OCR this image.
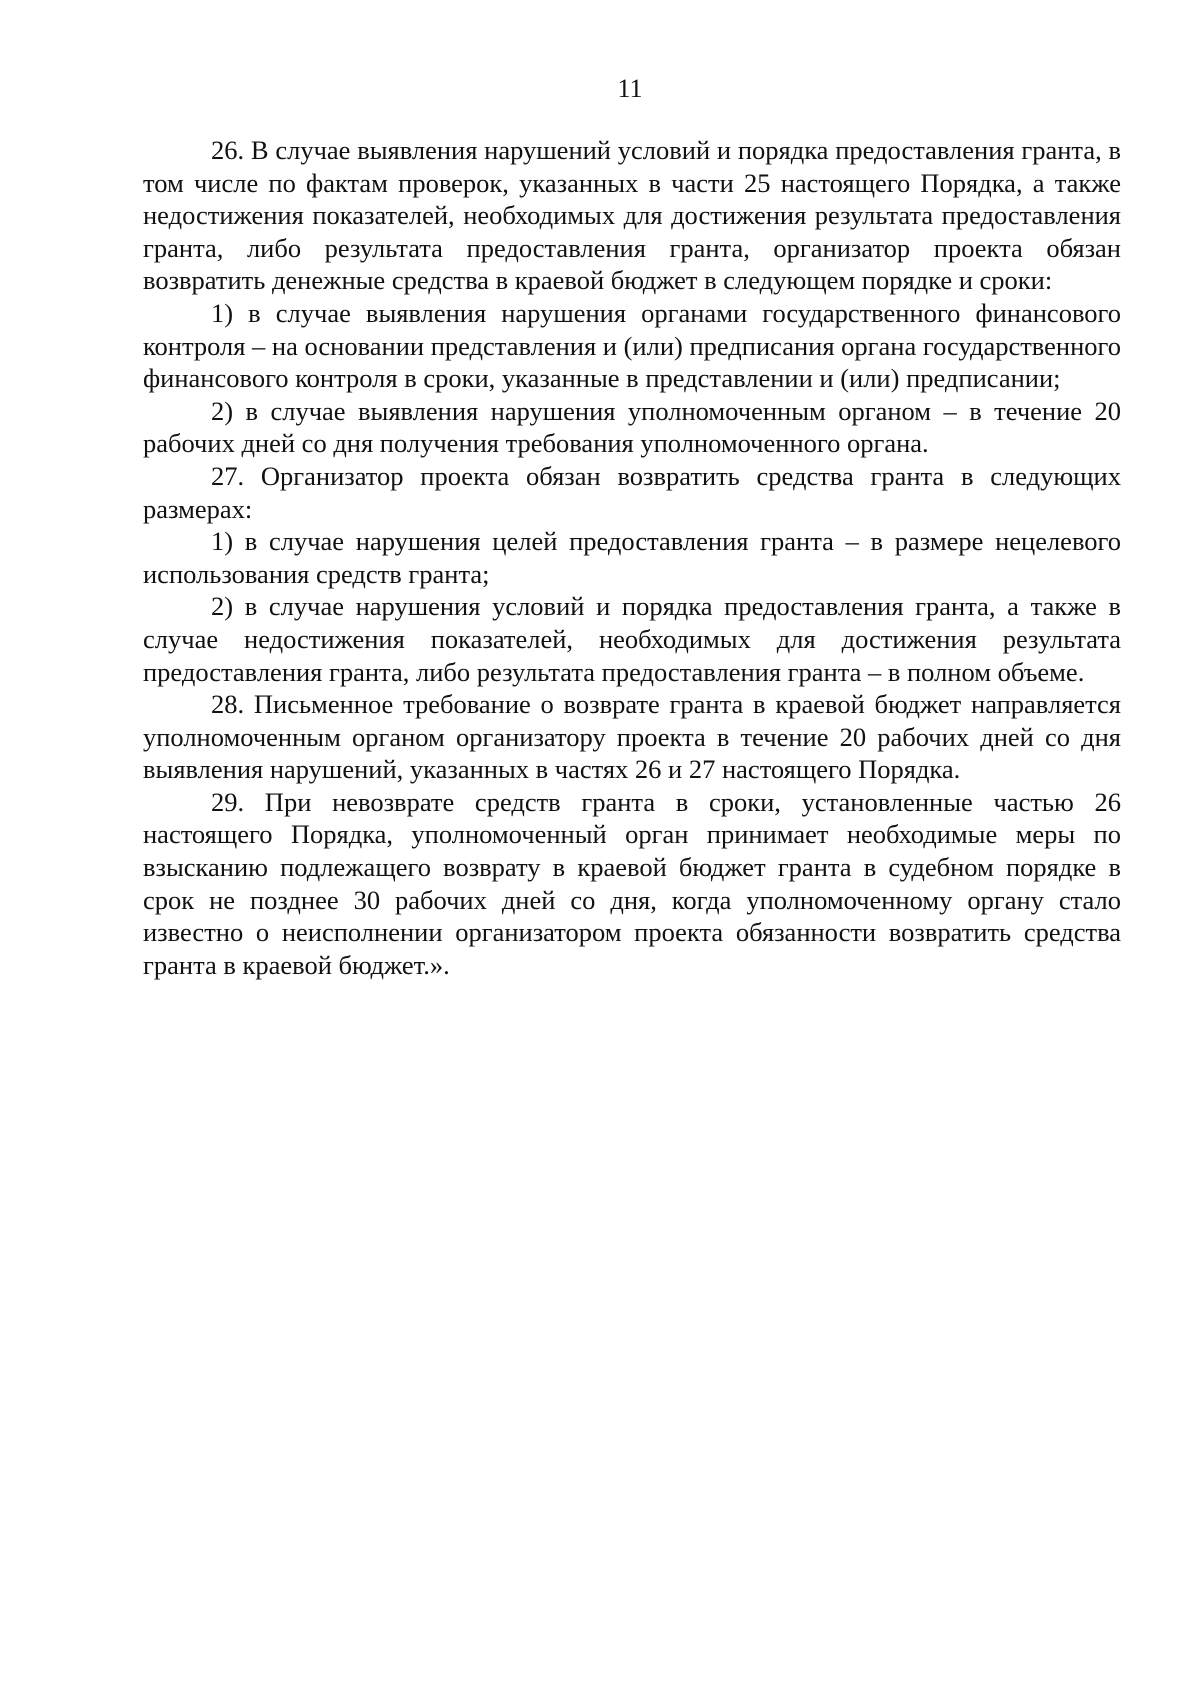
11

26. В случае выявления нарушений условий и порядка предоставления гранта, в том числе по фактам проверок, указанных в части 25 настоящего Порядка, а также недостижения показателей, необходимых для достижения результата предоставления гранта, либо результата предоставления гранта, организатор проекта обязан возвратить денежные средства в краевой бюджет в следующем порядке и сроки:

1) в случае выявления нарушения органами государственного финансового контроля – на основании представления и (или) предписания органа государственного финансового контроля в сроки, указанные в представлении и (или) предписании;

2) в случае выявления нарушения уполномоченным органом – в течение 20 рабочих дней со дня получения требования уполномоченного органа.

27. Организатор проекта обязан возвратить средства гранта в следующих размерах:

1) в случае нарушения целей предоставления гранта – в размере нецелевого использования средств гранта;

2) в случае нарушения условий и порядка предоставления гранта, а также в случае недостижения показателей, необходимых для достижения результата предоставления гранта, либо результата предоставления гранта – в полном объеме.

28. Письменное требование о возврате гранта в краевой бюджет направляется уполномоченным органом организатору проекта в течение 20 рабочих дней со дня выявления нарушений, указанных в частях 26 и 27 настоящего Порядка.

29. При невозврате средств гранта в сроки, установленные частью 26 настоящего Порядка, уполномоченный орган принимает необходимые меры по взысканию подлежащего возврату в краевой бюджет гранта в судебном порядке в срок не позднее 30 рабочих дней со дня, когда уполномоченному органу стало известно о неисполнении организатором проекта обязанности возвратить средства гранта в краевой бюджет.».
